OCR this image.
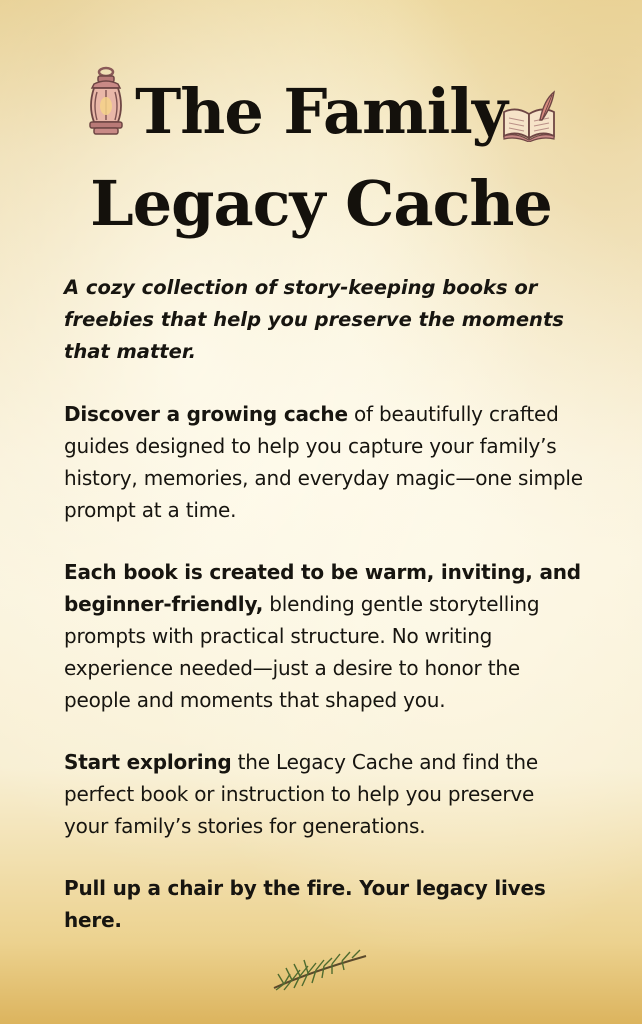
The Family
Legacy Cache

A cozy collection of story-keeping books or freebies that help you preserve the moments that matter.

Discover a growing cache of beautifully crafted guides designed to help you capture your family’s history, memories, and everyday magic—one simple prompt at a time.

Each book is created to be warm, inviting, and beginner-friendly, blending gentle storytelling prompts with practical structure. No writing experience needed—just a desire to honor the people and moments that shaped you.

Start exploring the Legacy Cache and find the perfect book or instruction to help you preserve your family’s stories for generations.

Pull up a chair by the fire. Your legacy lives here.
